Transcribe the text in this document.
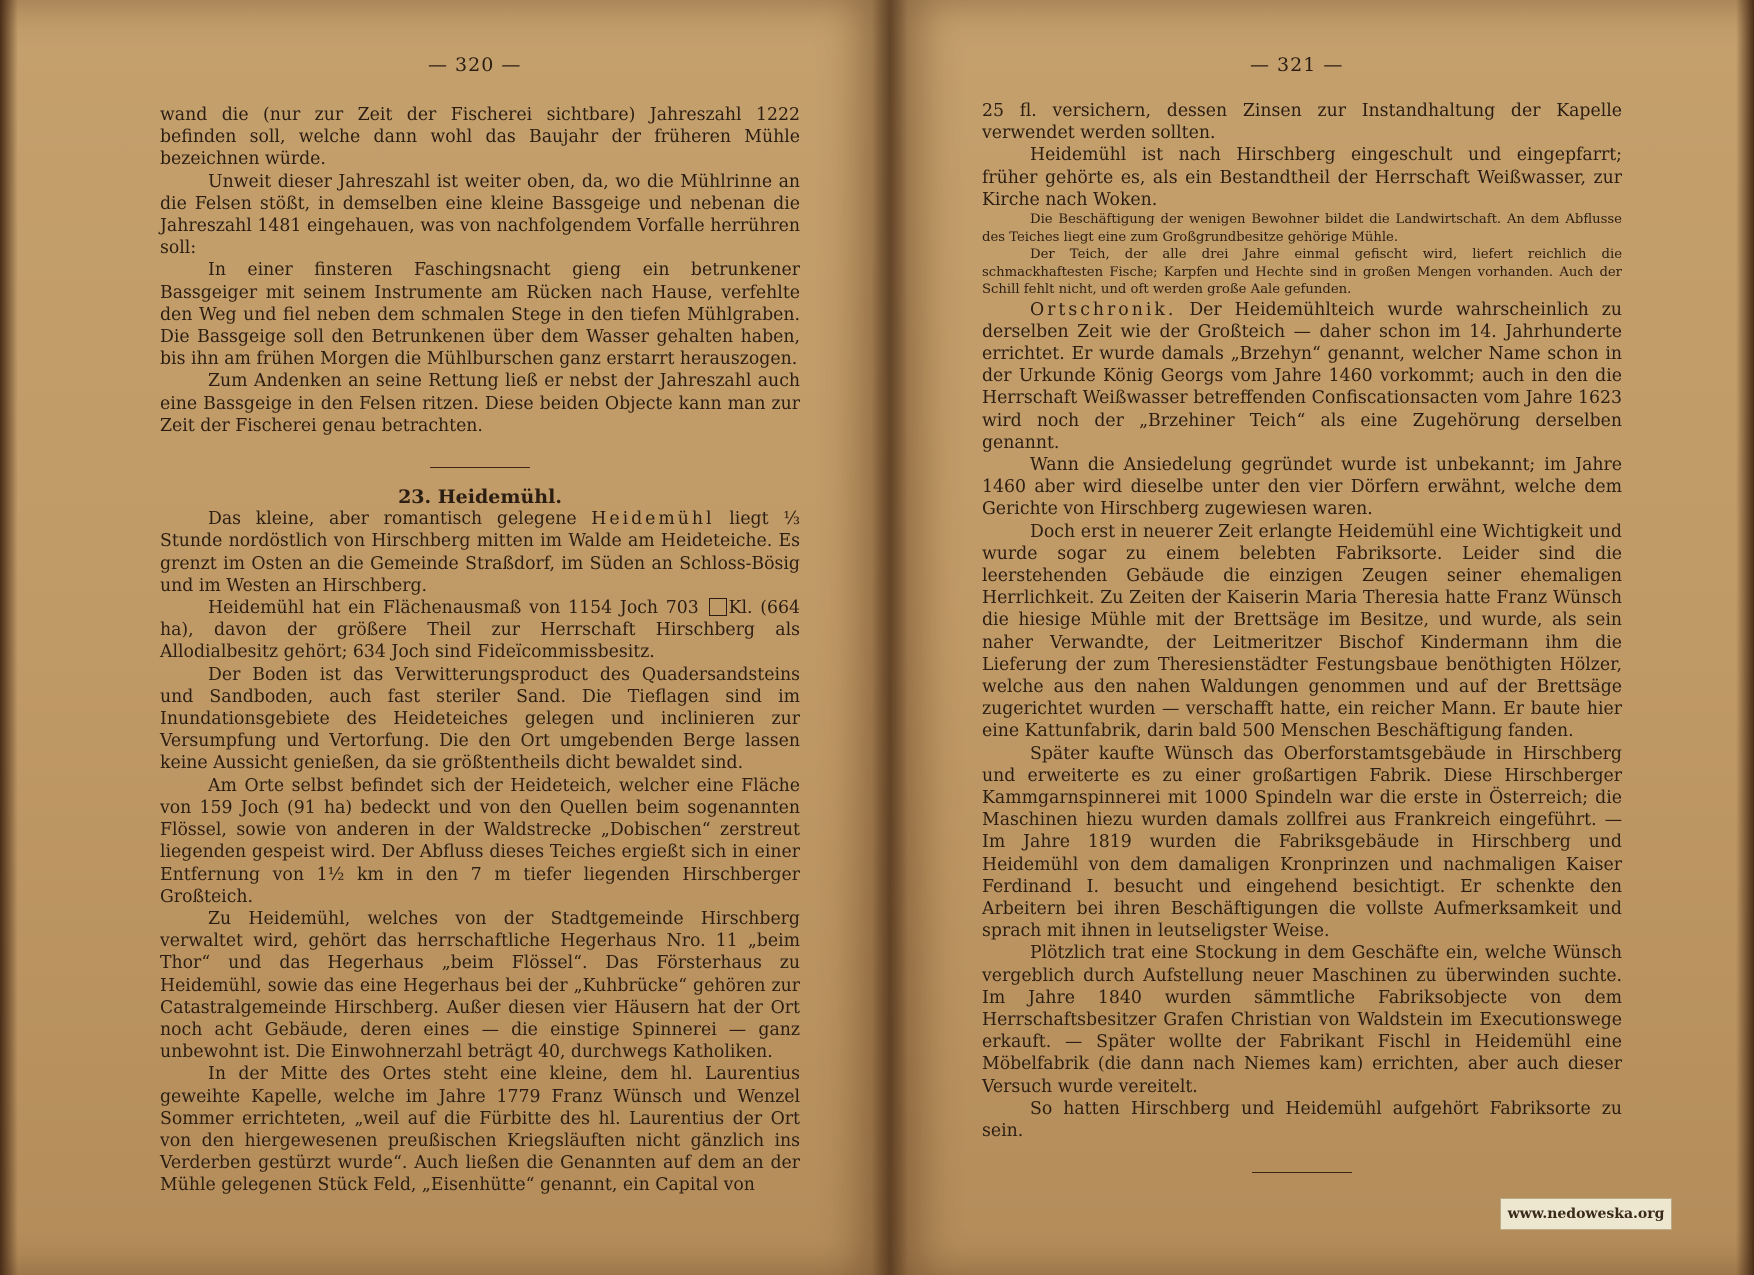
— 320 —

wand die (nur zur Zeit der Fischerei sichtbare) Jahreszahl 1222 befinden soll, welche dann wohl das Baujahr der früheren Mühle bezeichnen würde.

Unweit dieser Jahreszahl ist weiter oben, da, wo die Mühlrinne an die Felsen stößt, in demselben eine kleine Bassgeige und nebenan die Jahreszahl 1481 eingehauen, was von nachfolgendem Vorfalle herrühren soll:

In einer finsteren Faschingsnacht gieng ein betrunkener Bassgeiger mit seinem Instrumente am Rücken nach Hause, verfehlte den Weg und fiel neben dem schmalen Stege in den tiefen Mühlgraben. Die Bassgeige soll den Betrunkenen über dem Wasser gehalten haben, bis ihn am frühen Morgen die Mühlburschen ganz erstarrt herauszogen.

Zum Andenken an seine Rettung ließ er nebst der Jahreszahl auch eine Bassgeige in den Felsen ritzen. Diese beiden Objecte kann man zur Zeit der Fischerei genau betrachten.

23. Heidemühl.

Das kleine, aber romantisch gelegene Heidemühl liegt ⅓ Stunde nordöstlich von Hirschberg mitten im Walde am Heideteiche. Es grenzt im Osten an die Gemeinde Straßdorf, im Süden an Schloss-Bösig und im Westen an Hirschberg.

Heidemühl hat ein Flächenausmaß von 1154 Joch 703 Kl. (664 ha), davon der größere Theil zur Herrschaft Hirschberg als Allodialbesitz gehört; 634 Joch sind Fideïcommissbesitz.

Der Boden ist das Verwitterungsproduct des Quadersandsteins und Sandboden, auch fast steriler Sand. Die Tieflagen sind im Inundationsgebiete des Heideteiches gelegen und inclinieren zur Versumpfung und Vertorfung. Die den Ort umgebenden Berge lassen keine Aussicht genießen, da sie größtentheils dicht bewaldet sind.

Am Orte selbst befindet sich der Heideteich, welcher eine Fläche von 159 Joch (91 ha) bedeckt und von den Quellen beim sogenannten Flössel, sowie von anderen in der Waldstrecke „Dobischen“ zerstreut liegenden gespeist wird. Der Abfluss dieses Teiches ergießt sich in einer Entfernung von 1½ km in den 7 m tiefer liegenden Hirschberger Großteich.

Zu Heidemühl, welches von der Stadtgemeinde Hirschberg verwaltet wird, gehört das herrschaftliche Hegerhaus Nro. 11 „beim Thor“ und das Hegerhaus „beim Flössel“. Das Försterhaus zu Heidemühl, sowie das eine Hegerhaus bei der „Kuhbrücke“ gehören zur Catastralgemeinde Hirschberg. Außer diesen vier Häusern hat der Ort noch acht Gebäude, deren eines — die einstige Spinnerei — ganz unbewohnt ist. Die Einwohnerzahl beträgt 40, durchwegs Katholiken.

In der Mitte des Ortes steht eine kleine, dem hl. Laurentius geweihte Kapelle, welche im Jahre 1779 Franz Wünsch und Wenzel Sommer errichteten, „weil auf die Fürbitte des hl. Laurentius der Ort von den hiergewesenen preußischen Kriegsläuften nicht gänzlich ins Verderben gestürzt wurde“. Auch ließen die Genannten auf dem an der Mühle gelegenen Stück Feld, „Eisenhütte“ genannt, ein Capital von

— 321 —

25 fl. versichern, dessen Zinsen zur Instandhaltung der Kapelle verwendet werden sollten.

Heidemühl ist nach Hirschberg eingeschult und eingepfarrt; früher gehörte es, als ein Bestandtheil der Herrschaft Weißwasser, zur Kirche nach Woken.

Die Beschäftigung der wenigen Bewohner bildet die Landwirtschaft. An dem Abflusse des Teiches liegt eine zum Großgrundbesitze gehörige Mühle.

Der Teich, der alle drei Jahre einmal gefischt wird, liefert reichlich die schmackhaftesten Fische; Karpfen und Hechte sind in großen Mengen vorhanden. Auch der Schill fehlt nicht, und oft werden große Aale gefunden.

Ortschronik. Der Heidemühlteich wurde wahrscheinlich zu derselben Zeit wie der Großteich — daher schon im 14. Jahrhunderte errichtet. Er wurde damals „Brzehyn“ genannt, welcher Name schon in der Urkunde König Georgs vom Jahre 1460 vorkommt; auch in den die Herrschaft Weißwasser betreffenden Confiscationsacten vom Jahre 1623 wird noch der „Brzehiner Teich“ als eine Zugehörung derselben genannt.

Wann die Ansiedelung gegründet wurde ist unbekannt; im Jahre 1460 aber wird dieselbe unter den vier Dörfern erwähnt, welche dem Gerichte von Hirschberg zugewiesen waren.

Doch erst in neuerer Zeit erlangte Heidemühl eine Wichtigkeit und wurde sogar zu einem belebten Fabriksorte. Leider sind die leerstehenden Gebäude die einzigen Zeugen seiner ehemaligen Herrlichkeit. Zu Zeiten der Kaiserin Maria Theresia hatte Franz Wünsch die hiesige Mühle mit der Brettsäge im Besitze, und wurde, als sein naher Verwandte, der Leitmeritzer Bischof Kindermann ihm die Lieferung der zum Theresienstädter Festungsbaue benöthigten Hölzer, welche aus den nahen Waldungen genommen und auf der Brettsäge zugerichtet wurden — verschafft hatte, ein reicher Mann. Er baute hier eine Kattunfabrik, darin bald 500 Menschen Beschäftigung fanden.

Später kaufte Wünsch das Oberforstamtsgebäude in Hirschberg und erweiterte es zu einer großartigen Fabrik. Diese Hirschberger Kammgarnspinnerei mit 1000 Spindeln war die erste in Österreich; die Maschinen hiezu wurden damals zollfrei aus Frankreich eingeführt. — Im Jahre 1819 wurden die Fabriksgebäude in Hirschberg und Heidemühl von dem damaligen Kronprinzen und nachmaligen Kaiser Ferdinand I. besucht und eingehend besichtigt. Er schenkte den Arbeitern bei ihren Beschäftigungen die vollste Aufmerksamkeit und sprach mit ihnen in leutseligster Weise.

Plötzlich trat eine Stockung in dem Geschäfte ein, welche Wünsch vergeblich durch Aufstellung neuer Maschinen zu überwinden suchte. Im Jahre 1840 wurden sämmtliche Fabriksobjecte von dem Herrschaftsbesitzer Grafen Christian von Waldstein im Executionswege erkauft. — Später wollte der Fabrikant Fischl in Heidemühl eine Möbelfabrik (die dann nach Niemes kam) errichten, aber auch dieser Versuch wurde vereitelt.

So hatten Hirschberg und Heidemühl aufgehört Fabriksorte zu sein.

www.nedoweska.org
